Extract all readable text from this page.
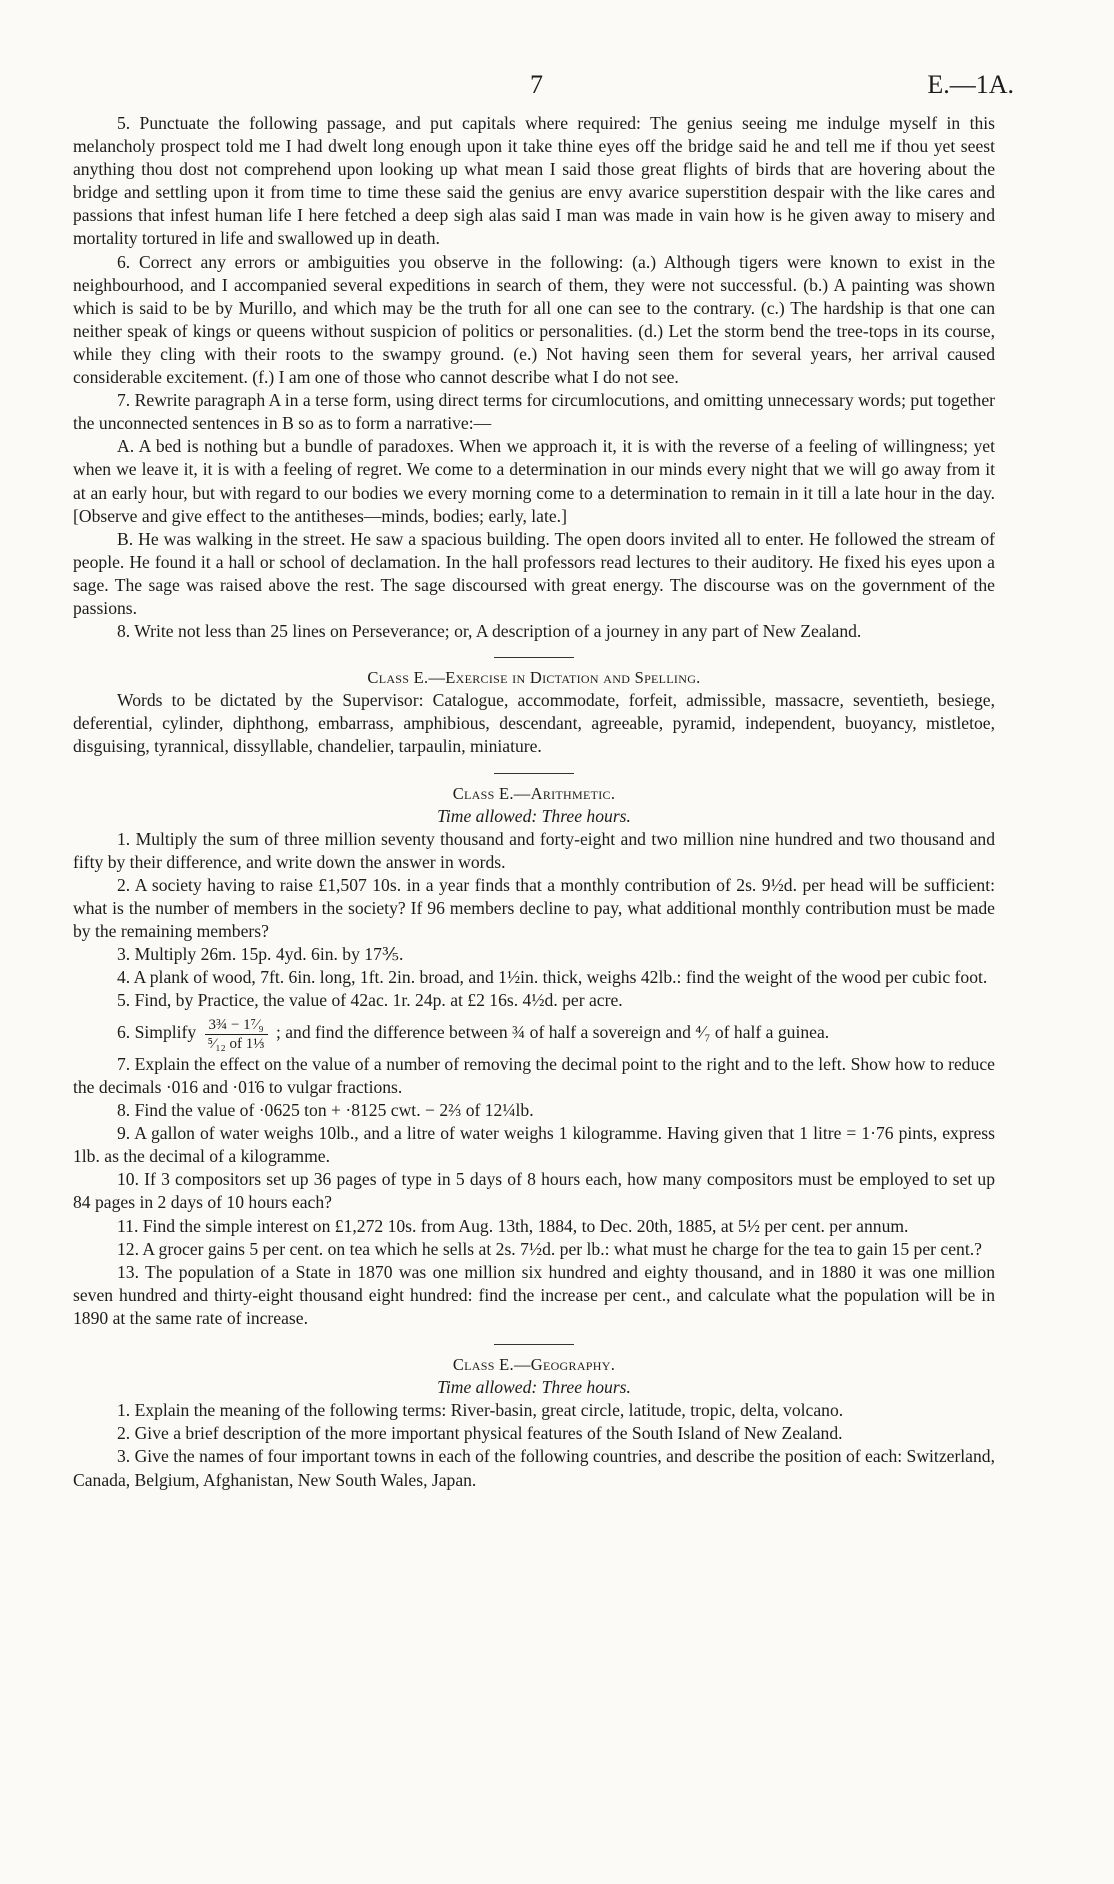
7	E.—1A.

5. Punctuate the following passage, and put capitals where required: The genius seeing me indulge myself in this melancholy prospect told me I had dwelt long enough upon it take thine eyes off the bridge said he and tell me if thou yet seest anything thou dost not comprehend upon looking up what mean I said those great flights of birds that are hovering about the bridge and settling upon it from time to time these said the genius are envy avarice superstition despair with the like cares and passions that infest human life I here fetched a deep sigh alas said I man was made in vain how is he given away to misery and mortality tortured in life and swallowed up in death.

6. Correct any errors or ambiguities you observe in the following: (a.) Although tigers were known to exist in the neighbourhood, and I accompanied several expeditions in search of them, they were not successful. (b.) A painting was shown which is said to be by Murillo, and which may be the truth for all one can see to the contrary. (c.) The hardship is that one can neither speak of kings or queens without suspicion of politics or personalities. (d.) Let the storm bend the tree-tops in its course, while they cling with their roots to the swampy ground. (e.) Not having seen them for several years, her arrival caused considerable excitement. (f.) I am one of those who cannot describe what I do not see.

7. Rewrite paragraph A in a terse form, using direct terms for circumlocutions, and omitting unnecessary words; put together the unconnected sentences in B so as to form a narrative:—

A. A bed is nothing but a bundle of paradoxes. When we approach it, it is with the reverse of a feeling of willingness; yet when we leave it, it is with a feeling of regret. We come to a determination in our minds every night that we will go away from it at an early hour, but with regard to our bodies we every morning come to a determination to remain in it till a late hour in the day. [Observe and give effect to the antitheses—minds, bodies; early, late.]

B. He was walking in the street. He saw a spacious building. The open doors invited all to enter. He followed the stream of people. He found it a hall or school of declamation. In the hall professors read lectures to their auditory. He fixed his eyes upon a sage. The sage was raised above the rest. The sage discoursed with great energy. The discourse was on the government of the passions.

8. Write not less than 25 lines on Perseverance; or, A description of a journey in any part of New Zealand.

Class E.—Exercise in Dictation and Spelling.

Words to be dictated by the Supervisor: Catalogue, accommodate, forfeit, admissible, massacre, seventieth, besiege, deferential, cylinder, diphthong, embarrass, amphibious, descendant, agreeable, pyramid, independent, buoyancy, mistletoe, disguising, tyrannical, dissyllable, chandelier, tarpaulin, miniature.

Class E.—Arithmetic.

Time allowed: Three hours.

1. Multiply the sum of three million seventy thousand and forty-eight and two million nine hundred and two thousand and fifty by their difference, and write down the answer in words.

2. A society having to raise £1,507 10s. in a year finds that a monthly contribution of 2s. 9½d. per head will be sufficient: what is the number of members in the society? If 96 members decline to pay, what additional monthly contribution must be made by the remaining members?

3. Multiply 26m. 15p. 4yd. 6in. by 17⅗.

4. A plank of wood, 7ft. 6in. long, 1ft. 2in. broad, and 1½in. thick, weighs 42lb.: find the weight of the wood per cubic foot.

5. Find, by Practice, the value of 42ac. 1r. 24p. at £2 16s. 4½d. per acre.

6. Simplify $\frac{\text{3¾ − 1⁷⁄₉}}{\text{⁵⁄₁₂ of 1⅓}}$ ; and find the difference between ¾ of half a sovereign and ⁴⁄₇ of half a guinea.

7. Explain the effect on the value of a number of removing the decimal point to the right and to the left. Show how to reduce the decimals ·016 and ·01̇6 to vulgar fractions.

8. Find the value of ·0625 ton + ·8125 cwt. − 2⅔ of 12¼lb.

9. A gallon of water weighs 10lb., and a litre of water weighs 1 kilogramme. Having given that 1 litre = 1·76 pints, express 1lb. as the decimal of a kilogramme.

10. If 3 compositors set up 36 pages of type in 5 days of 8 hours each, how many compositors must be employed to set up 84 pages in 2 days of 10 hours each?

11. Find the simple interest on £1,272 10s. from Aug. 13th, 1884, to Dec. 20th, 1885, at 5½ per cent. per annum.

12. A grocer gains 5 per cent. on tea which he sells at 2s. 7½d. per lb.: what must he charge for the tea to gain 15 per cent.?

13. The population of a State in 1870 was one million six hundred and eighty thousand, and in 1880 it was one million seven hundred and thirty-eight thousand eight hundred: find the increase per cent., and calculate what the population will be in 1890 at the same rate of increase.

Class E.—Geography.

Time allowed: Three hours.

1. Explain the meaning of the following terms: River-basin, great circle, latitude, tropic, delta, volcano.

2. Give a brief description of the more important physical features of the South Island of New Zealand.

3. Give the names of four important towns in each of the following countries, and describe the position of each: Switzerland, Canada, Belgium, Afghanistan, New South Wales, Japan.
